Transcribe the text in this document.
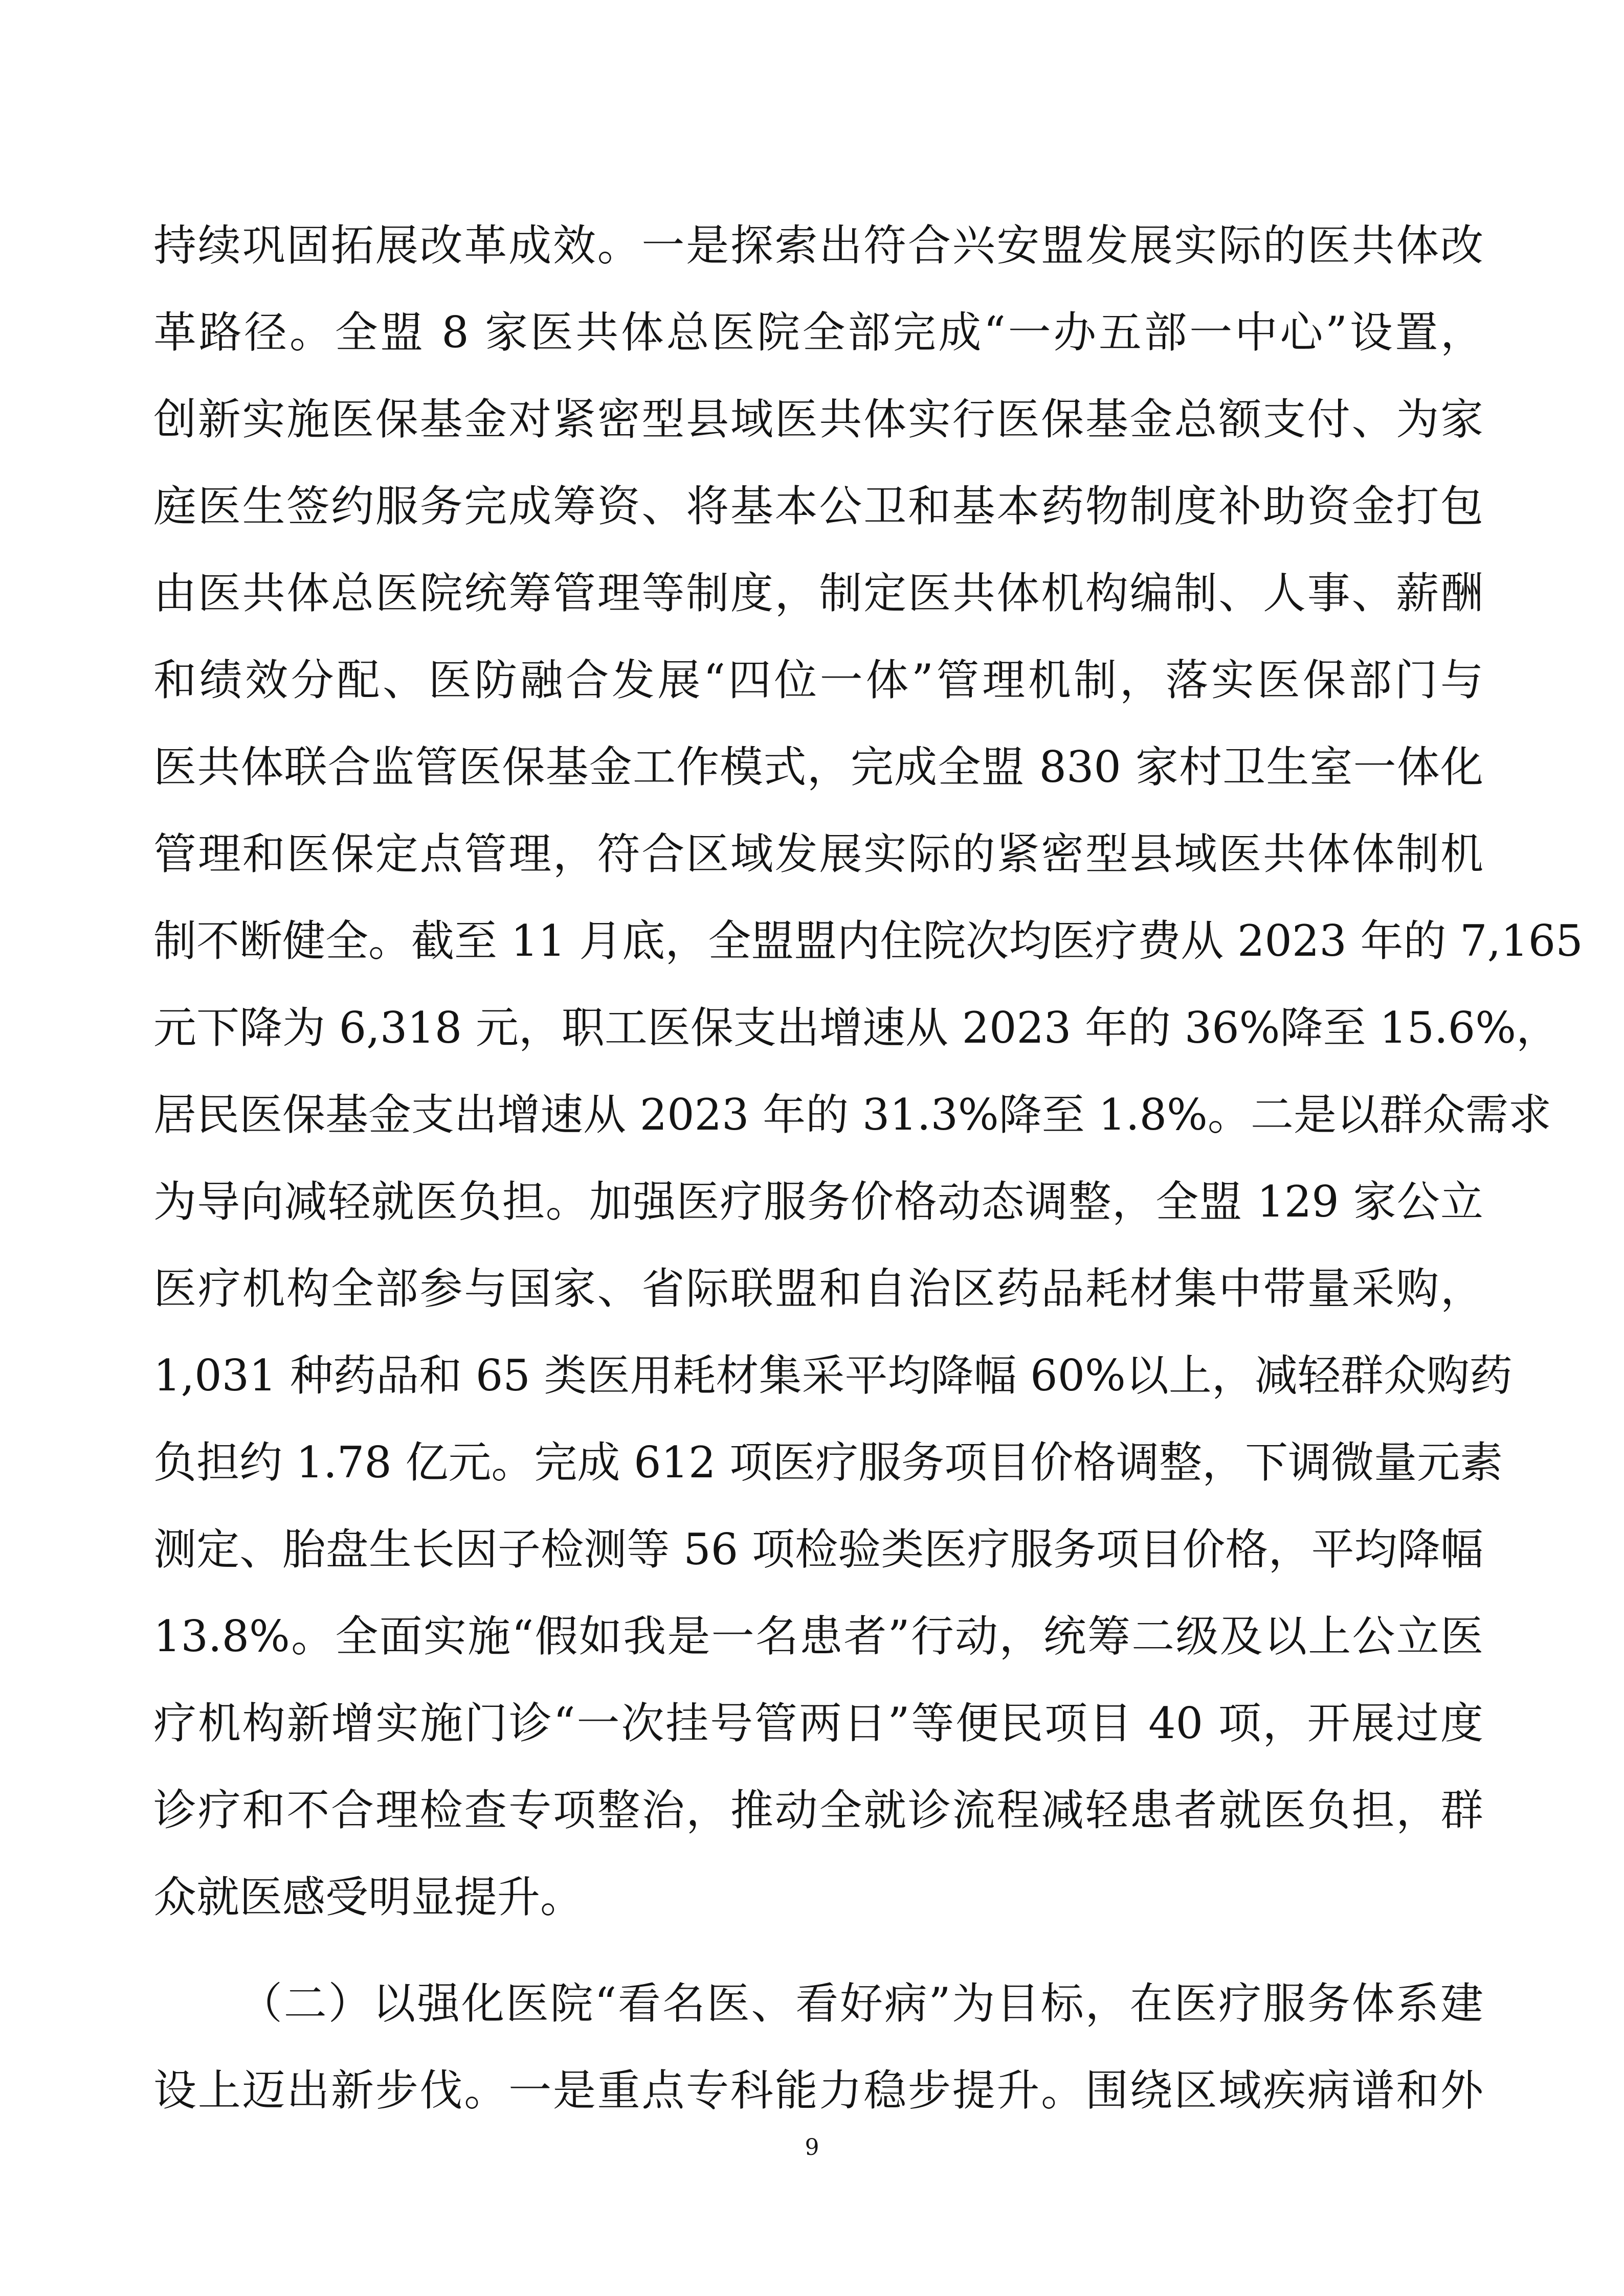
持续巩固拓展改革成效。一是探索出符合兴安盟发展实际的医共体改
革路径。全盟 8 家医共体总医院全部完成“一办五部一中心”设置，
创新实施医保基金对紧密型县域医共体实行医保基金总额支付、为家
庭医生签约服务完成筹资、将基本公卫和基本药物制度补助资金打包
由医共体总医院统筹管理等制度，制定医共体机构编制、人事、薪酬
和绩效分配、医防融合发展“四位一体”管理机制，落实医保部门与
医共体联合监管医保基金工作模式，完成全盟 830 家村卫生室一体化
管理和医保定点管理，符合区域发展实际的紧密型县域医共体体制机
制不断健全。截至 11 月底，全盟盟内住院次均医疗费从 2023 年的 7,165
元下降为 6,318 元，职工医保支出增速从 2023 年的 36%降至 15.6%，
居民医保基金支出增速从 2023 年的 31.3%降至 1.8%。二是以群众需求
为导向减轻就医负担。加强医疗服务价格动态调整，全盟 129 家公立
医疗机构全部参与国家、省际联盟和自治区药品耗材集中带量采购，
1,031 种药品和 65 类医用耗材集采平均降幅 60%以上，减轻群众购药
负担约 1.78 亿元。完成 612 项医疗服务项目价格调整，下调微量元素
测定、胎盘生长因子检测等 56 项检验类医疗服务项目价格，平均降幅
13.8%。全面实施“假如我是一名患者”行动，统筹二级及以上公立医
疗机构新增实施门诊“一次挂号管两日”等便民项目 40 项，开展过度
诊疗和不合理检查专项整治，推动全就诊流程减轻患者就医负担，群
众就医感受明显提升。
（二）以强化医院“看名医、看好病”为目标，在医疗服务体系建
设上迈出新步伐。一是重点专科能力稳步提升。围绕区域疾病谱和外
9
